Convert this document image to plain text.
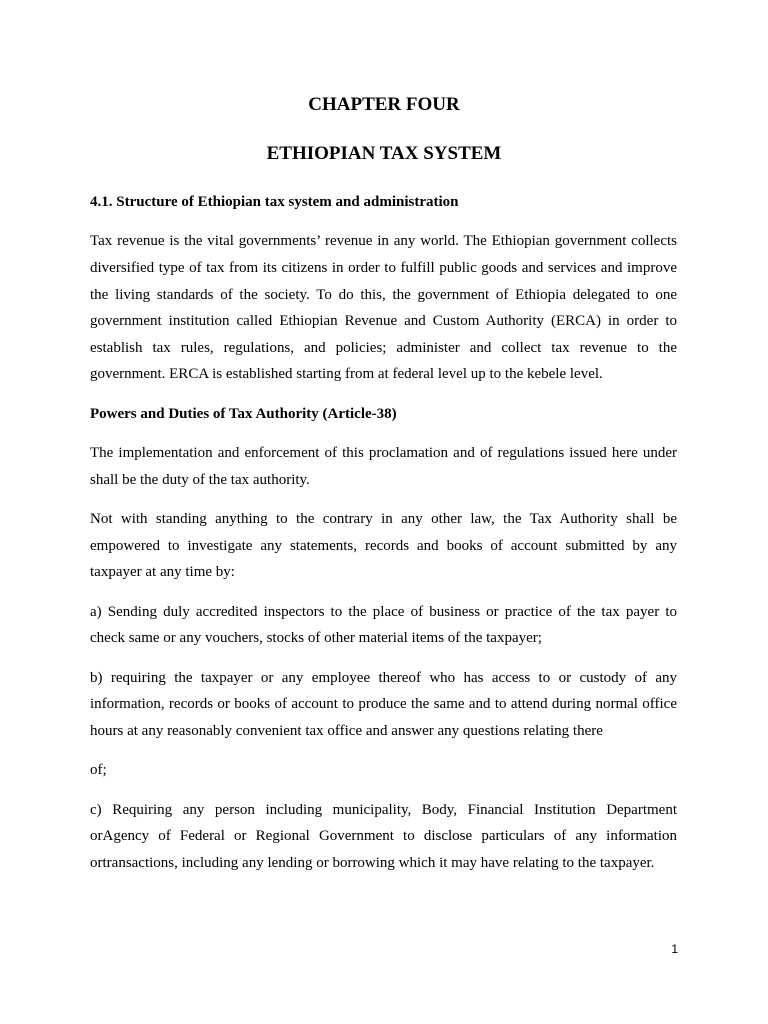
CHAPTER FOUR
ETHIOPIAN TAX SYSTEM
4.1. Structure of Ethiopian tax system and administration

Tax revenue is the vital governments’ revenue in any world. The Ethiopian government collects diversified type of tax from its citizens in order to fulfill public goods and services and improve the living standards of the society. To do this, the government of Ethiopia delegated to one government institution called Ethiopian Revenue and Custom Authority (ERCA) in order to establish tax rules, regulations, and policies; administer and collect tax revenue to the government. ERCA is established starting from at federal level up to the kebele level.

Powers and Duties of Tax Authority (Article-38)

The implementation and enforcement of this proclamation and of regulations issued here under shall be the duty of the tax authority.

Not with standing anything to the contrary in any other law, the Tax Authority shall be empowered to investigate any statements, records and books of account submitted by any taxpayer at any time by:

a) Sending duly accredited inspectors to the place of business or practice of the tax payer to check same or any vouchers, stocks of other material items of the taxpayer;

b) requiring the taxpayer or any employee thereof who has access to or custody of any information, records or books of account to produce the same and to attend during normal office hours at any reasonably convenient tax office and answer any questions relating there

of;

c) Requiring any person including municipality, Body, Financial Institution Department orAgency of Federal or Regional Government to disclose particulars of any information ortransactions, including any lending or borrowing which it may have relating to the taxpayer.

1
